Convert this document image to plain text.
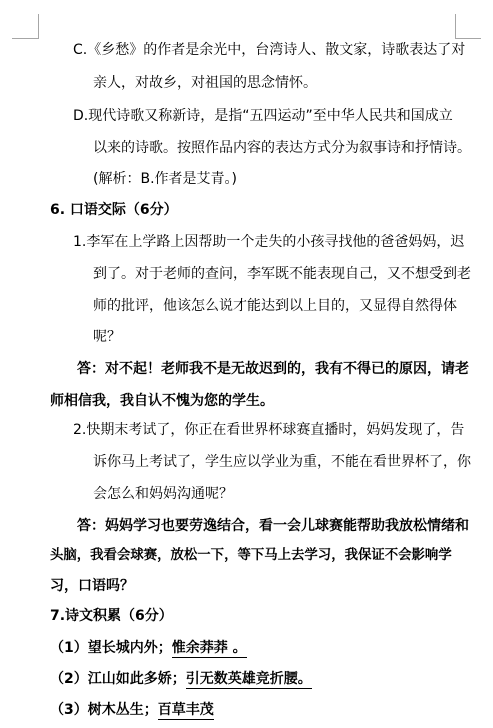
C.《乡愁》的作者是余光中，台湾诗人、散文家，诗歌表达了对
亲人，对故乡，对祖国的思念情怀。
D.现代诗歌又称新诗，是指“五四运动”至中华人民共和国成立
以来的诗歌。按照作品内容的表达方式分为叙事诗和抒情诗。
(解析：B.作者是艾青。)
6. 口语交际（6分）
1.李军在上学路上因帮助一个走失的小孩寻找他的爸爸妈妈，迟
到了。对于老师的查问，李军既不能表现自己，又不想受到老
师的批评，他该怎么说才能达到以上目的，又显得自然得体
呢？
答：对不起！老师我不是无故迟到的，我有不得已的原因，请老
师相信我，我自认不愧为您的学生。
2.快期末考试了，你正在看世界杯球赛直播时，妈妈发现了，告
诉你马上考试了，学生应以学业为重，不能在看世界杯了，你
会怎么和妈妈沟通呢？
答：妈妈学习也要劳逸结合，看一会儿球赛能帮助我放松情绪和
头脑，我看会球赛，放松一下，等下马上去学习，我保证不会影响学
习，口语吗？
7.诗文积累（6分）
（1）望长城内外；惟余莽莽 。
（2）江山如此多娇；引无数英雄竞折腰。
（3）树木丛生；百草丰茂
